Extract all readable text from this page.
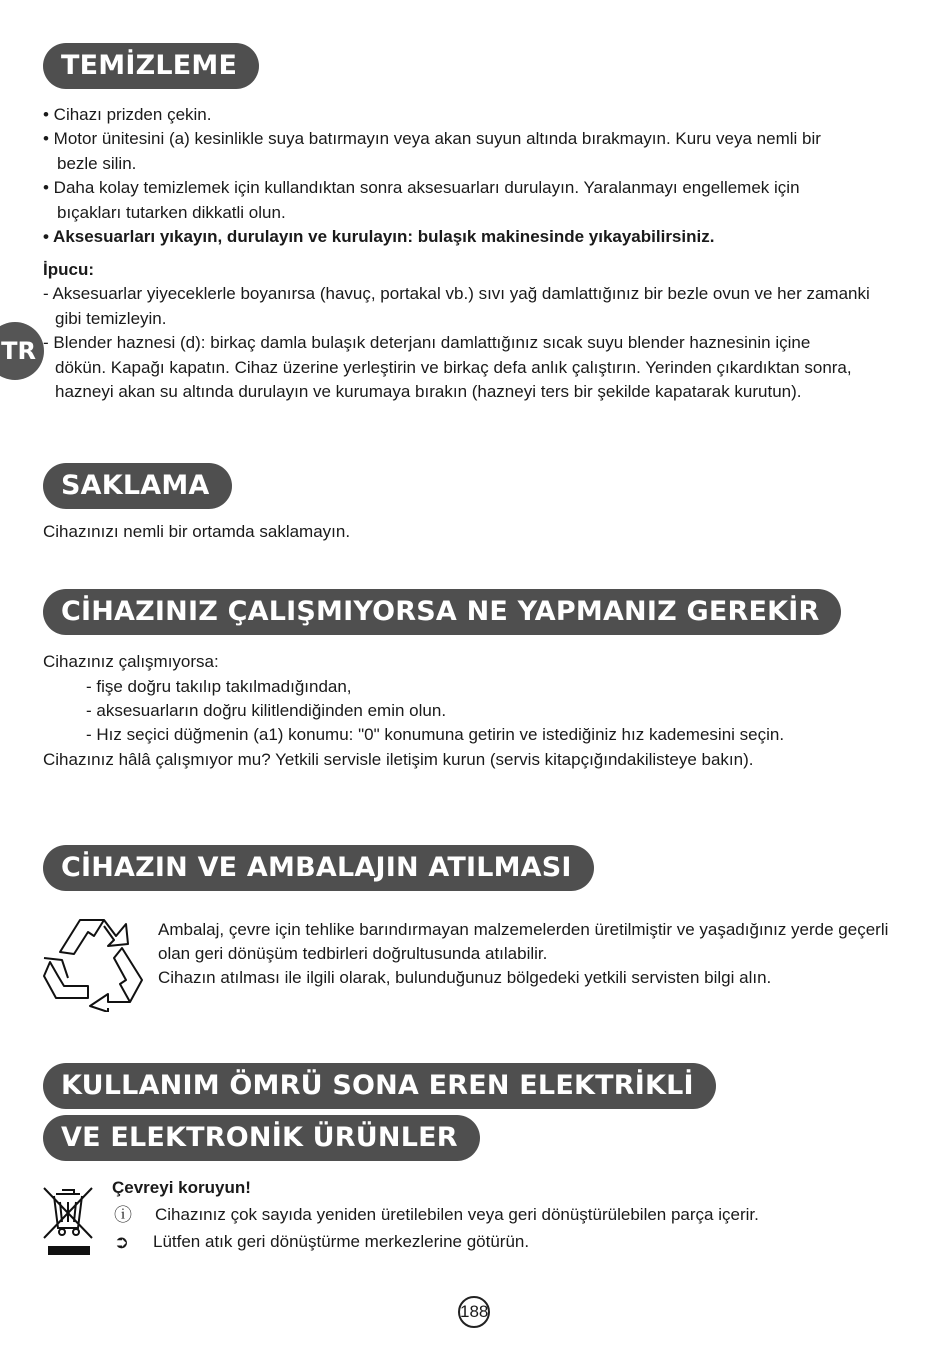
TR
TEMİZLEME
• Cihazı prizden çekin.
• Motor ünitesini (a) kesinlikle suya batırmayın veya akan suyun altında bırakmayın. Kuru veya nemli bir
bezle silin.
• Daha kolay temizlemek için kullandıktan sonra aksesuarları durulayın. Yaralanmayı engellemek için
bıçakları tutarken dikkatli olun.
• Aksesuarları yıkayın, durulayın ve kurulayın: bulaşık makinesinde yıkayabilirsiniz.
İpucu:
- Aksesuarlar yiyeceklerle boyanırsa (havuç, portakal vb.) sıvı yağ damlattığınız bir bezle ovun ve her zamanki
gibi temizleyin.
- Blender haznesi (d): birkaç damla bulaşık deterjanı damlattığınız sıcak suyu blender haznesinin içine
dökün. Kapağı kapatın. Cihaz üzerine yerleştirin ve birkaç defa anlık çalıştırın. Yerinden çıkardıktan sonra,
hazneyi akan su altında durulayın ve kurumaya bırakın (hazneyi ters bir şekilde kapatarak kurutun).
SAKLAMA
Cihazınızı nemli bir ortamda saklamayın.
CİHAZINIZ ÇALIŞMIYORSA NE YAPMANIZ GEREKİR
Cihazınız çalışmıyorsa:
- fişe doğru takılıp takılmadığından,
- aksesuarların doğru kilitlendiğinden emin olun.
- Hız seçici düğmenin (a1) konumu: "0" konumuna getirin ve istediğiniz hız kademesini seçin.
Cihazınız hâlâ çalışmıyor mu? Yetkili servisle iletişim kurun (servis kitapçığındakilisteye bakın).
CİHAZIN VE AMBALAJIN ATILMASI
Ambalaj, çevre için tehlike barındırmayan malzemelerden üretilmiştir ve yaşadığınız yerde geçerli
olan geri dönüşüm tedbirleri doğrultusunda atılabilir.
Cihazın atılması ile ilgili olarak, bulunduğunuz bölgedeki yetkili servisten bilgi alın.
KULLANIM ÖMRÜ SONA EREN ELEKTRİKLİ
VE ELEKTRONİK ÜRÜNLER
Çevreyi koruyun!
ⓘ Cihazınız çok sayıda yeniden üretilebilen veya geri dönüştürülebilen parça içerir.
➲ Lütfen atık geri dönüştürme merkezlerine götürün.
188
